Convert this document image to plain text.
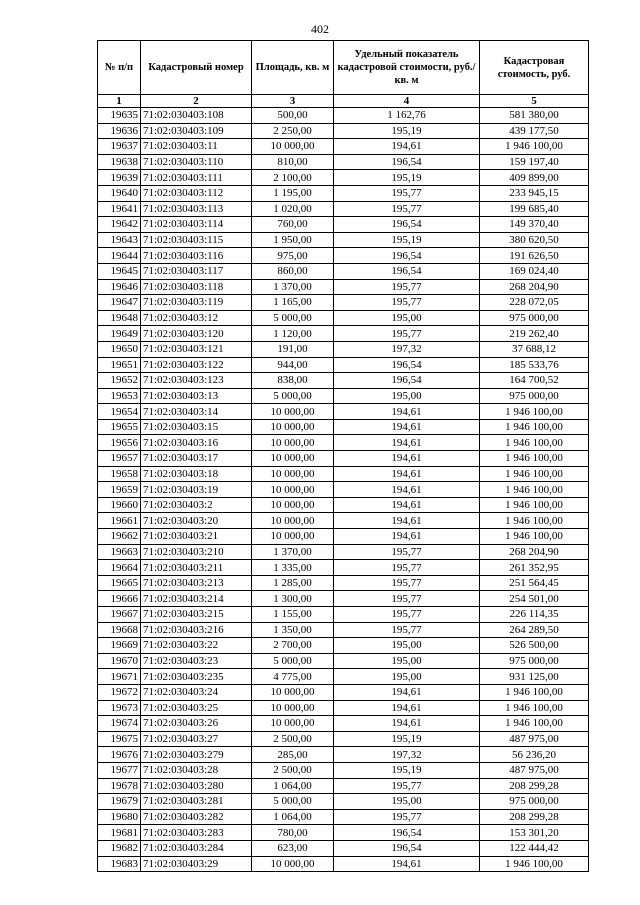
402
№ п/п	Кадастровый номер	Площадь, кв. м	Удельный показатель кадастровой стоимости, руб./кв. м	Кадастровая стоимость, руб.
1	2	3	4	5
19635	71:02:030403:108	500,00	1 162,76	581 380,00
19636	71:02:030403:109	2 250,00	195,19	439 177,50
19637	71:02:030403:11	10 000,00	194,61	1 946 100,00
19638	71:02:030403:110	810,00	196,54	159 197,40
19639	71:02:030403:111	2 100,00	195,19	409 899,00
19640	71:02:030403:112	1 195,00	195,77	233 945,15
19641	71:02:030403:113	1 020,00	195,77	199 685,40
19642	71:02:030403:114	760,00	196,54	149 370,40
19643	71:02:030403:115	1 950,00	195,19	380 620,50
19644	71:02:030403:116	975,00	196,54	191 626,50
19645	71:02:030403:117	860,00	196,54	169 024,40
19646	71:02:030403:118	1 370,00	195,77	268 204,90
19647	71:02:030403:119	1 165,00	195,77	228 072,05
19648	71:02:030403:12	5 000,00	195,00	975 000,00
19649	71:02:030403:120	1 120,00	195,77	219 262,40
19650	71:02:030403:121	191,00	197,32	37 688,12
19651	71:02:030403:122	944,00	196,54	185 533,76
19652	71:02:030403:123	838,00	196,54	164 700,52
19653	71:02:030403:13	5 000,00	195,00	975 000,00
19654	71:02:030403:14	10 000,00	194,61	1 946 100,00
19655	71:02:030403:15	10 000,00	194,61	1 946 100,00
19656	71:02:030403:16	10 000,00	194,61	1 946 100,00
19657	71:02:030403:17	10 000,00	194,61	1 946 100,00
19658	71:02:030403:18	10 000,00	194,61	1 946 100,00
19659	71:02:030403:19	10 000,00	194,61	1 946 100,00
19660	71:02:030403:2	10 000,00	194,61	1 946 100,00
19661	71:02:030403:20	10 000,00	194,61	1 946 100,00
19662	71:02:030403:21	10 000,00	194,61	1 946 100,00
19663	71:02:030403:210	1 370,00	195,77	268 204,90
19664	71:02:030403:211	1 335,00	195,77	261 352,95
19665	71:02:030403:213	1 285,00	195,77	251 564,45
19666	71:02:030403:214	1 300,00	195,77	254 501,00
19667	71:02:030403:215	1 155,00	195,77	226 114,35
19668	71:02:030403:216	1 350,00	195,77	264 289,50
19669	71:02:030403:22	2 700,00	195,00	526 500,00
19670	71:02:030403:23	5 000,00	195,00	975 000,00
19671	71:02:030403:235	4 775,00	195,00	931 125,00
19672	71:02:030403:24	10 000,00	194,61	1 946 100,00
19673	71:02:030403:25	10 000,00	194,61	1 946 100,00
19674	71:02:030403:26	10 000,00	194,61	1 946 100,00
19675	71:02:030403:27	2 500,00	195,19	487 975,00
19676	71:02:030403:279	285,00	197,32	56 236,20
19677	71:02:030403:28	2 500,00	195,19	487 975,00
19678	71:02:030403:280	1 064,00	195,77	208 299,28
19679	71:02:030403:281	5 000,00	195,00	975 000,00
19680	71:02:030403:282	1 064,00	195,77	208 299,28
19681	71:02:030403:283	780,00	196,54	153 301,20
19682	71:02:030403:284	623,00	196,54	122 444,42
19683	71:02:030403:29	10 000,00	194,61	1 946 100,00
